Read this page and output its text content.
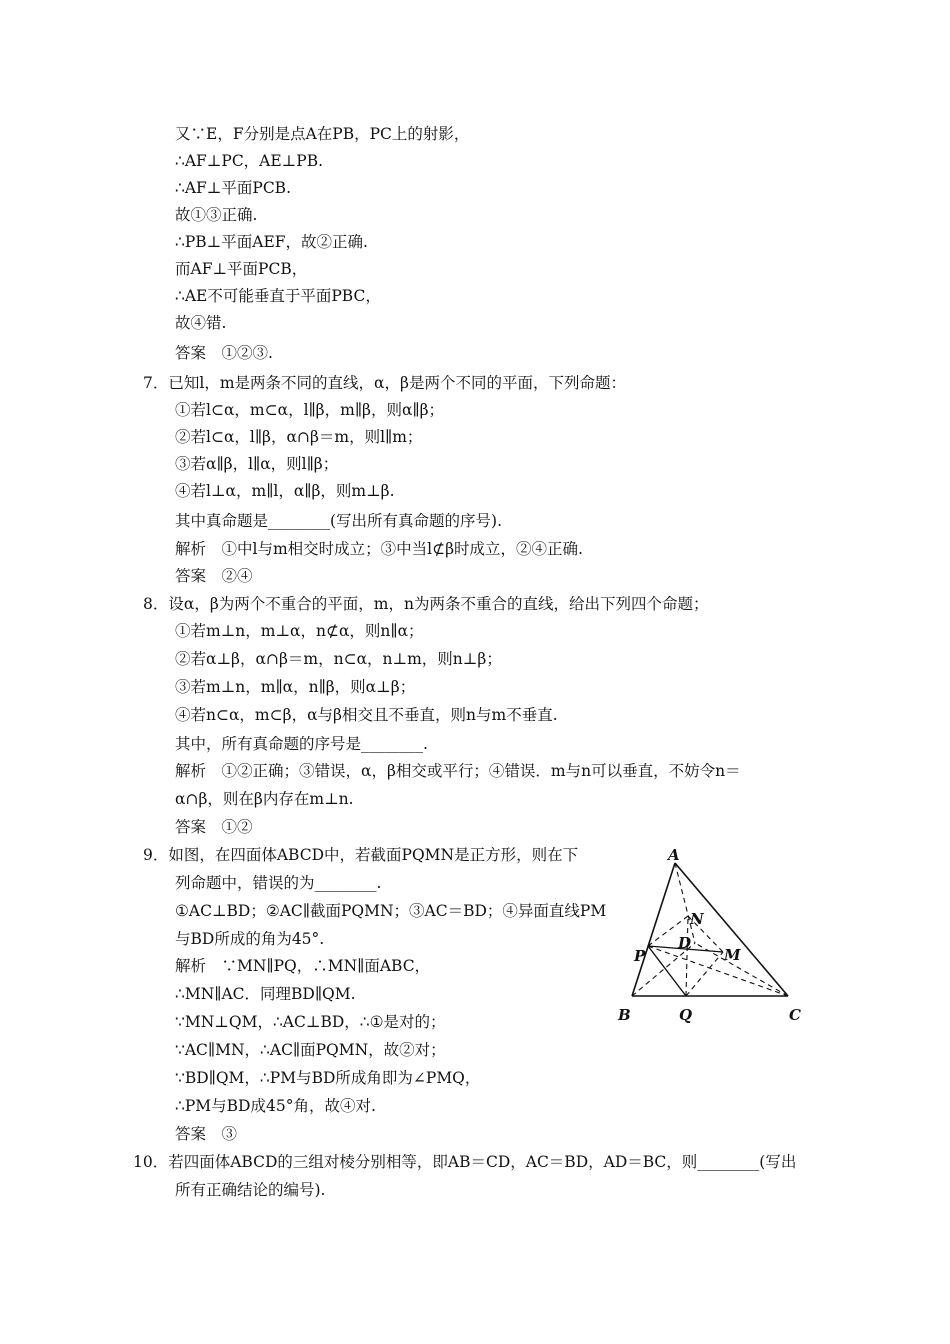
又∵E，F分别是点A在PB，PC上的射影，
∴AF⊥PC，AE⊥PB.
∴AF⊥平面PCB.
故①③正确.
∴PB⊥平面AEF，故②正确.
而AF⊥平面PCB，
∴AE不可能垂直于平面PBC，
故④错.
答案　①②③.
7．已知l，m是两条不同的直线，α，β是两个不同的平面，下列命题：
①若l⊂α，m⊂α，l∥β，m∥β，则α∥β；
②若l⊂α，l∥β，α∩β＝m，则l∥m；
③若α∥β，l∥α，则l∥β；
④若l⊥α，m∥l，α∥β，则m⊥β.
其中真命题是________(写出所有真命题的序号).
解析　①中l与m相交时成立；③中当l⊄β时成立，②④正确.
答案　②④
8．设α，β为两个不重合的平面，m，n为两条不重合的直线，给出下列四个命题；
①若m⊥n，m⊥α，n⊄α，则n∥α；
②若α⊥β，α∩β＝m，n⊂α，n⊥m，则n⊥β；
③若m⊥n，m∥α，n∥β，则α⊥β；
④若n⊂α，m⊂β，α与β相交且不垂直，则n与m不垂直.
其中，所有真命题的序号是________.
解析　①②正确；③错误，α，β相交或平行；④错误．m与n可以垂直，不妨令n＝
α∩β，则在β内存在m⊥n.
答案　①②
9．如图，在四面体ABCD中，若截面PQMN是正方形，则在下
列命题中，错误的为________.
①AC⊥BD；②AC∥截面PQMN；③AC＝BD；④异面直线PM
与BD所成的角为45°.
解析　∵MN∥PQ，∴MN∥面ABC，
∴MN∥AC．同理BD∥QM.
∵MN⊥QM，∴AC⊥BD，∴①是对的；
∵AC∥MN，∴AC∥面PQMN，故②对；
∵BD∥QM，∴PM与BD所成角即为∠PMQ，
∴PM与BD成45°角，故④对.
答案　③
10．若四面体ABCD的三组对棱分别相等，即AB＝CD，AC＝BD，AD＝BC，则________(写出
所有正确结论的编号).
A
B	C
D
P
Q
M
N
